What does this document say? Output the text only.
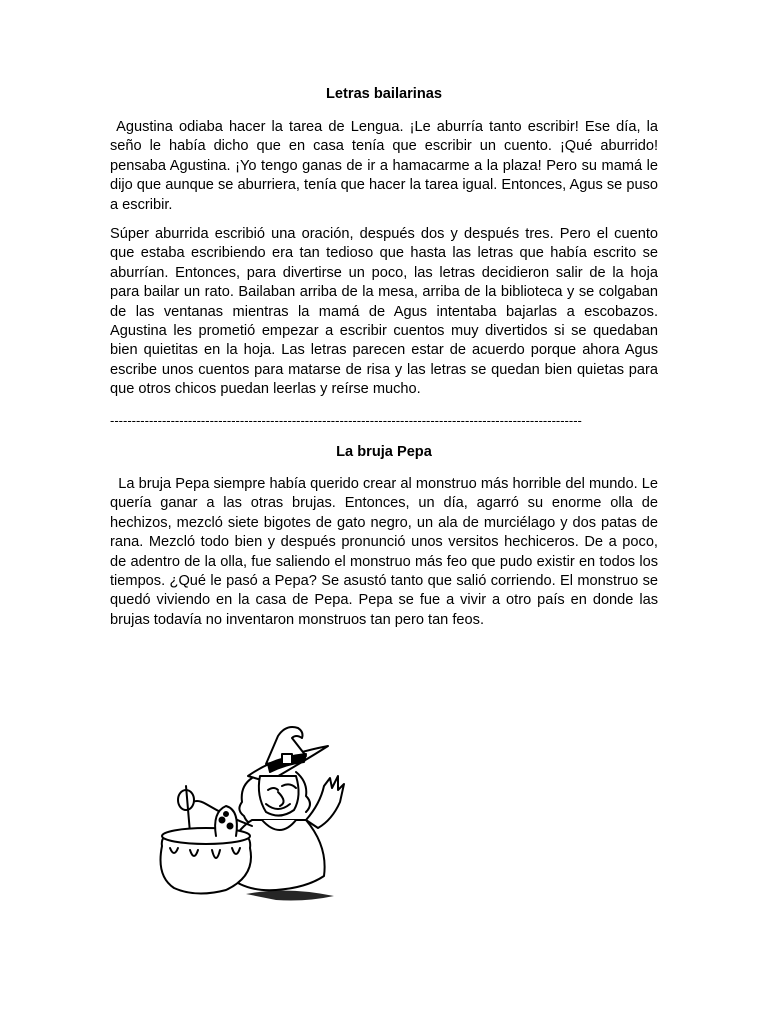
Letras bailarinas

Agustina odiaba hacer la tarea de Lengua. ¡Le aburría tanto escribir! Ese día, la seño le había dicho que en casa tenía que escribir un cuento. ¡Qué aburrido! pensaba Agustina. ¡Yo tengo ganas de ir a hamacarme a la plaza! Pero su mamá le dijo que aunque se aburriera, tenía que hacer la tarea igual. Entonces, Agus se puso a escribir.

Súper aburrida escribió una oración, después dos y después tres. Pero el cuento que estaba escribiendo era tan tedioso que hasta las letras que había escrito se aburrían. Entonces, para divertirse un poco, las letras decidieron salir de la hoja para bailar un rato. Bailaban arriba de la mesa, arriba de la biblioteca y se colgaban de las ventanas mientras la mamá de Agus intentaba bajarlas a escobazos. Agustina les prometió empezar a escribir cuentos muy divertidos si se quedaban bien quietitas en la hoja. Las letras parecen estar de acuerdo porque ahora Agus escribe unos cuentos para matarse de risa y las letras se quedan bien quietas para que otros chicos puedan leerlas y reírse mucho.

-------------------------------------------------------------------------------------------------------------
La bruja Pepa

La bruja Pepa siempre había querido crear al monstruo más horrible del mundo. Le quería ganar a las otras brujas. Entonces, un día, agarró su enorme olla de hechizos, mezcló siete bigotes de gato negro, un ala de murciélago y dos patas de rana. Mezcló todo bien y después pronunció unos versitos hechiceros. De a poco, de adentro de la olla, fue saliendo el monstruo más feo que pudo existir en todos los tiempos. ¿Qué le pasó a Pepa? Se asustó tanto que salió corriendo. El monstruo se quedó viviendo en la casa de Pepa. Pepa se fue a vivir a otro país en donde las brujas todavía no inventaron monstruos tan pero tan feos.
